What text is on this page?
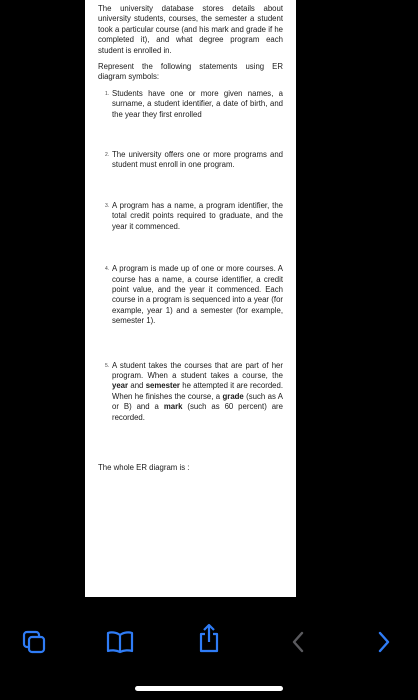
The university database stores details about university students, courses, the semester a student took a particular course (and his mark and grade if he completed it), and what degree program each student is enrolled in.

Represent the following statements using ER diagram symbols:

1. Students have one or more given names, a surname, a student identifier, a date of birth, and the year they first enrolled
2. The university offers one or more programs and student must enroll in one program.
3. A program has a name, a program identifier, the total credit points required to graduate, and the year it commenced.
4. A program is made up of one or more courses. A course has a name, a course identifier, a credit point value, and the year it commenced. Each course in a program is sequenced into a year (for example, year 1) and a semester (for example, semester 1).
5. A student takes the courses that are part of her program. When a student takes a course, the year and semester he attempted it are recorded. When he finishes the course, a grade (such as A or B) and a mark (such as 60 percent) are recorded.

The whole ER diagram is :
